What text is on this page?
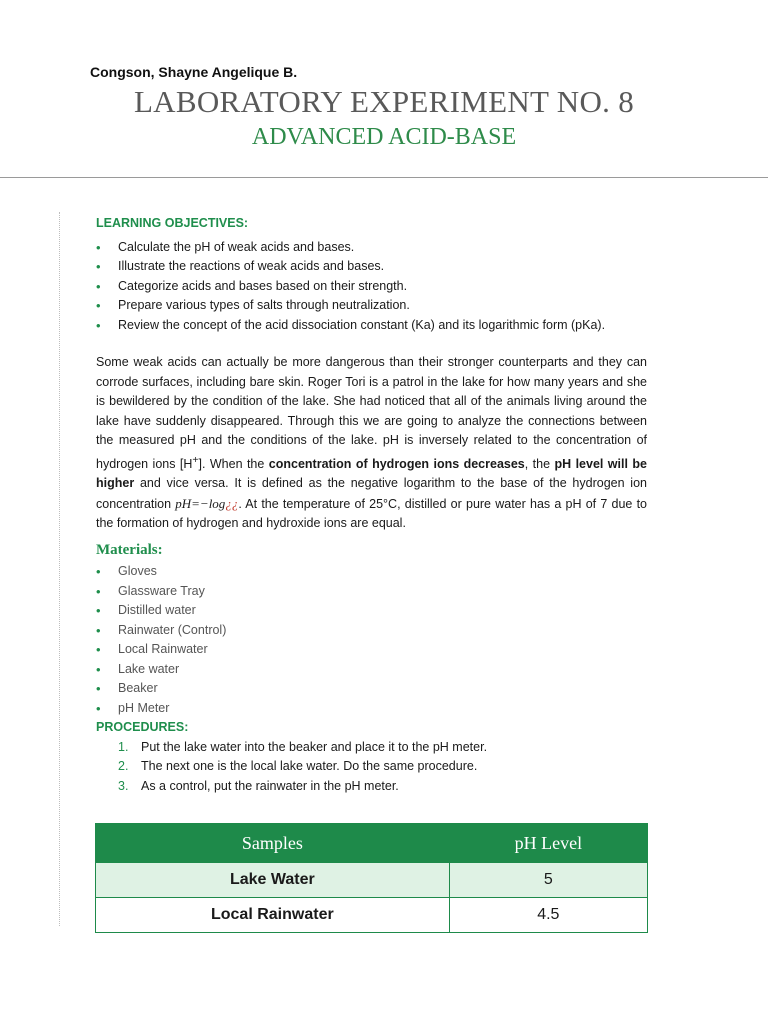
Congson, Shayne Angelique B.
LABORATORY EXPERIMENT NO. 8
ADVANCED ACID-BASE

LEARNING OBJECTIVES:

• Calculate the pH of weak acids and bases.
• Illustrate the reactions of weak acids and bases.
• Categorize acids and bases based on their strength.
• Prepare various types of salts through neutralization.
• Review the concept of the acid dissociation constant (Ka) and its logarithmic form (pKa).

Some weak acids can actually be more dangerous than their stronger counterparts and they can corrode surfaces, including bare skin. Roger Tori is a patrol in the lake for how many years and she is bewildered by the condition of the lake. She had noticed that all of the animals living around the lake have suddenly disappeared. Through this we are going to analyze the connections between the measured pH and the conditions of the lake. pH is inversely related to the concentration of hydrogen ions [H+]. When the concentration of hydrogen ions decreases, the pH level will be higher and vice versa. It is defined as the negative logarithm to the base of the hydrogen ion concentration pH=−log¿¿. At the temperature of 25°C, distilled or pure water has a pH of 7 due to the formation of hydrogen and hydroxide ions are equal.

Materials:

• Gloves
• Glassware Tray
• Distilled water
• Rainwater (Control)
• Local Rainwater
• Lake water
• Beaker
• pH Meter

PROCEDURES:

1. Put the lake water into the beaker and place it to the pH meter.
2. The next one is the local lake water. Do the same procedure.
3. As a control, put the rainwater in the pH meter.
Samples	pH Level
Lake Water	5
Local Rainwater	4.5
